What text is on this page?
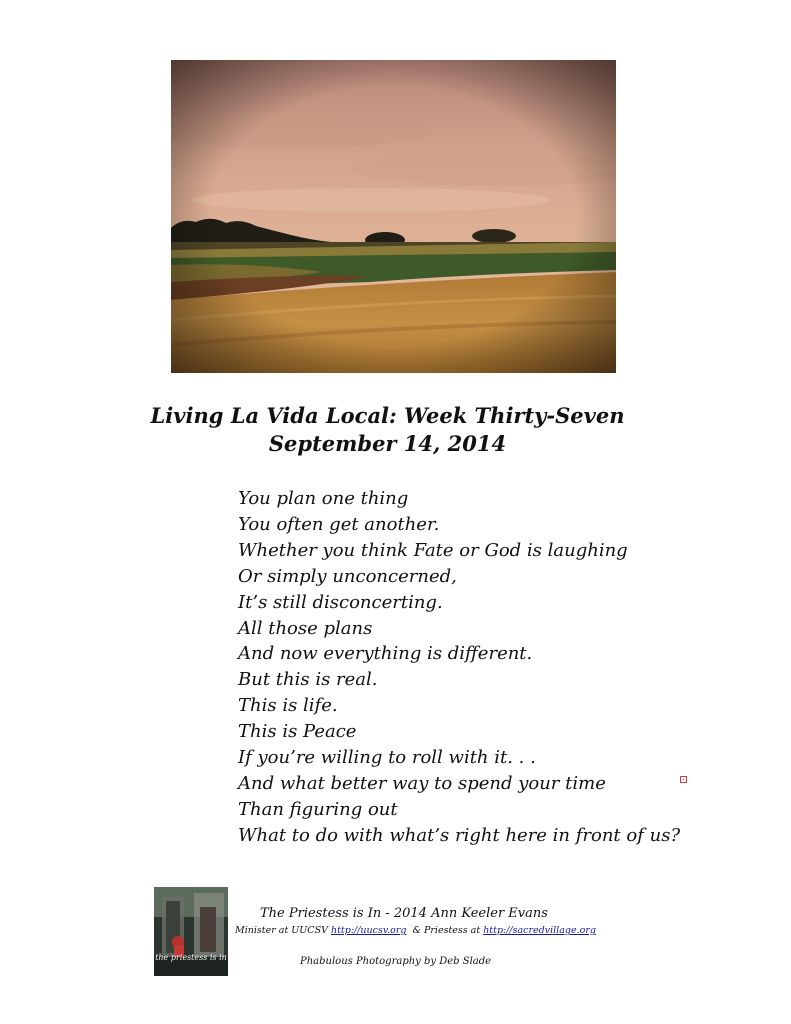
Living La Vida Local: Week Thirty-Seven
September 14, 2014
You plan one thing
You often get another.
Whether you think Fate or God is laughing
Or simply unconcerned,
It’s still disconcerting.
All those plans
And now everything is different.
But this is real.
This is life.
This is Peace
If you’re willing to roll with it. . .
And what better way to spend your time
Than figuring out
What to do with what’s right here in front of us?
the priestess is in
The Priestess is In - 2014 Ann Keeler Evans
Minister at UUCSV http://uucsv.org & Priestess at http://sacredvillage.org
Phabulous Photography by Deb Slade
